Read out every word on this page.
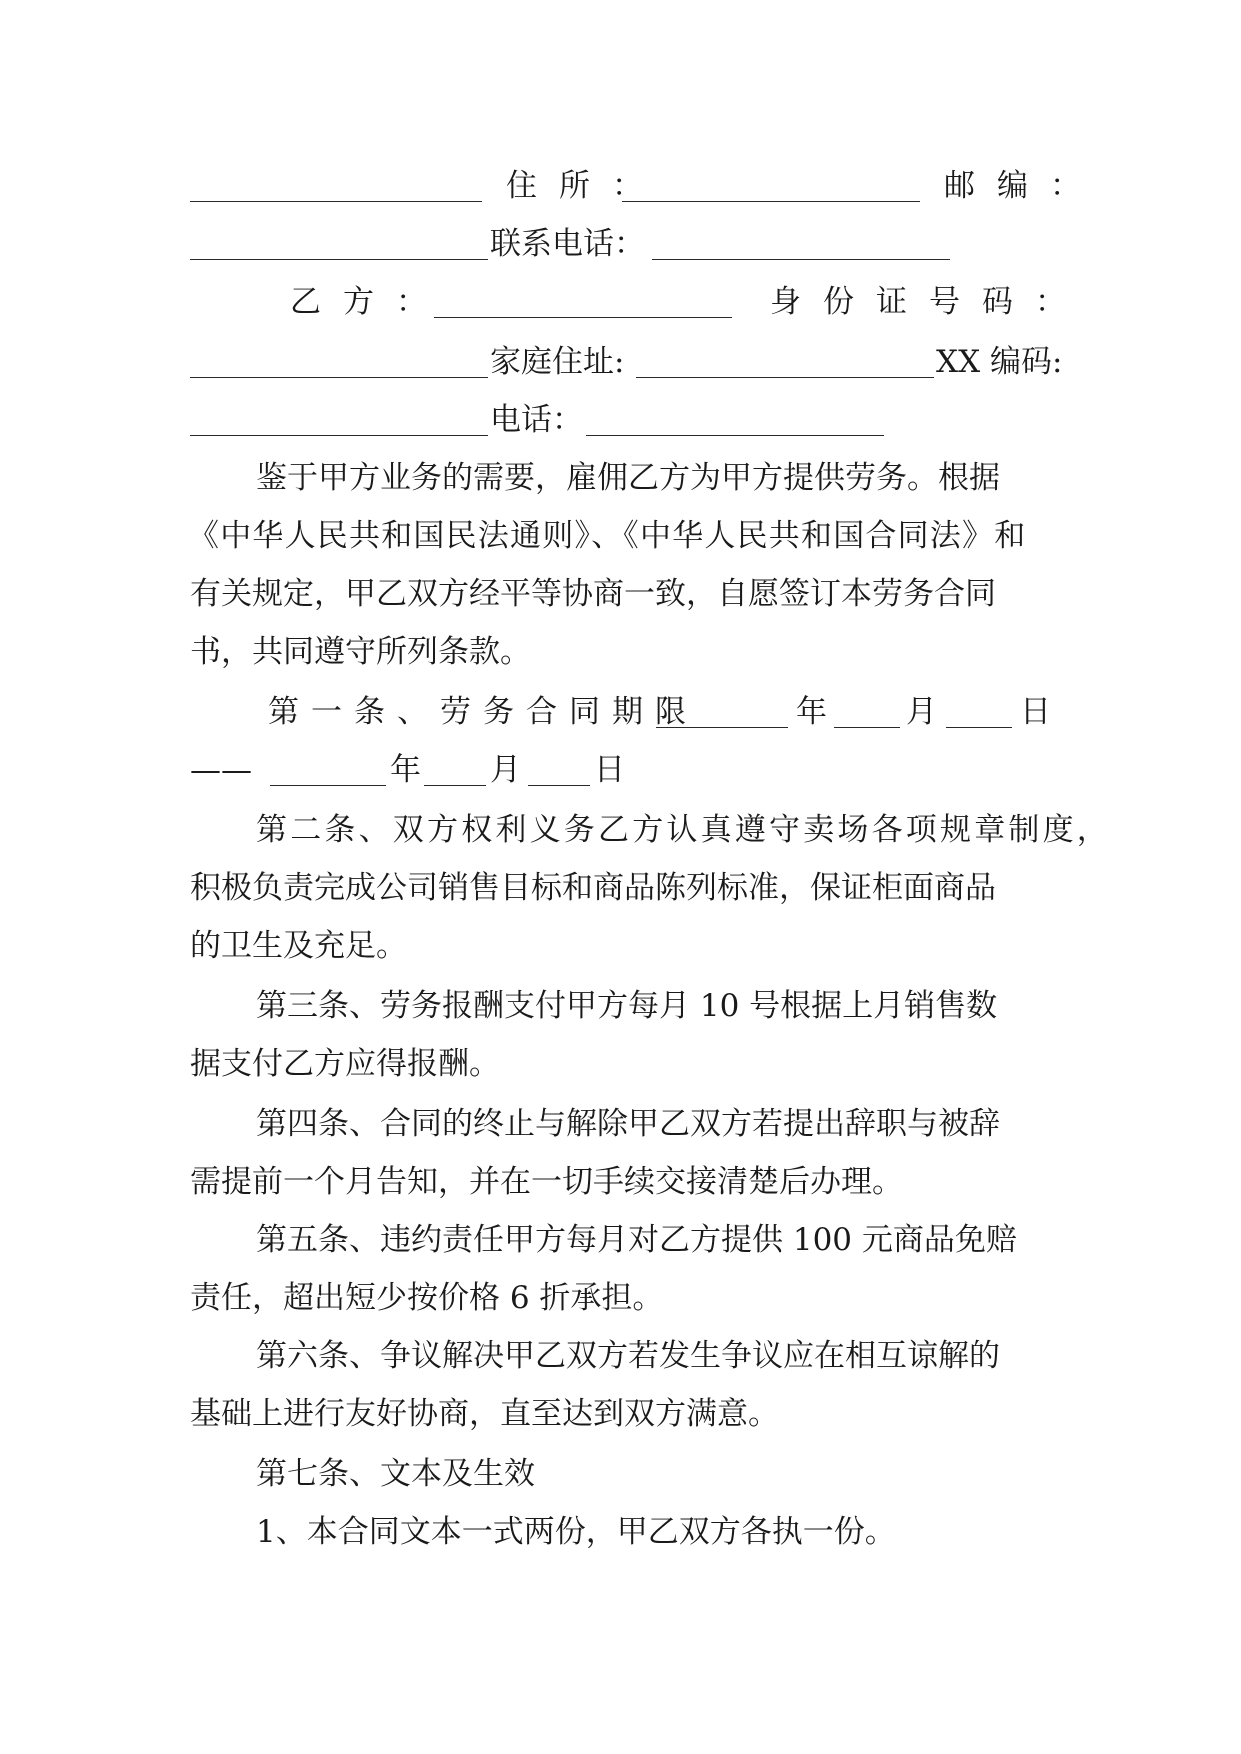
住所：	邮编：
联系电话：
乙方：	身份证号码：
家庭住址:	XX 编码:
电话：
鉴于甲方业务的需要，雇佣乙方为甲方提供劳务。根据
《中华人民共和国民法通则》、《中华人民共和国合同法》和
有关规定，甲乙双方经平等协商一致，自愿签订本劳务合同
书，共同遵守所列条款。
第一条、劳务合同期限	年	月	日
——	年 月 日
第二条、双方权利义务乙方认真遵守卖场各项规章制度，
积极负责完成公司销售目标和商品陈列标准，保证柜面商品
的卫生及充足。
第三条、劳务报酬支付甲方每月 10 号根据上月销售数
据支付乙方应得报酬。
第四条、合同的终止与解除甲乙双方若提出辞职与被辞
需提前一个月告知，并在一切手续交接清楚后办理。
第五条、违约责任甲方每月对乙方提供 100 元商品免赔
责任，超出短少按价格 6 折承担。
第六条、争议解决甲乙双方若发生争议应在相互谅解的
基础上进行友好协商，直至达到双方满意。
第七条、文本及生效
1、本合同文本一式两份，甲乙双方各执一份。
